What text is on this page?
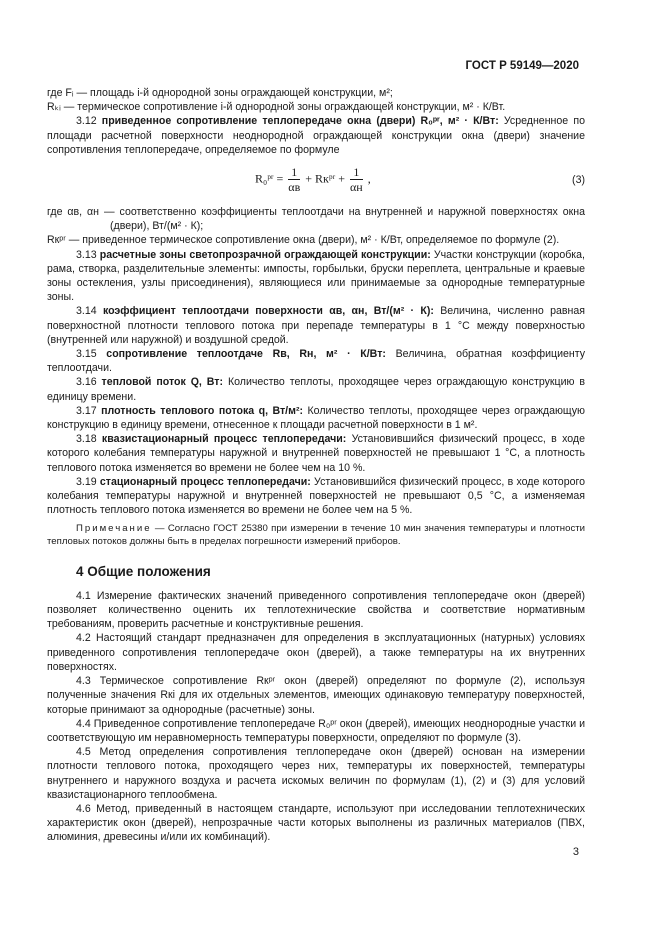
ГОСТ Р 59149—2020

где Fᵢ — площадь i-й однородной зоны ограждающей конструкции, м²;

Rₖᵢ — термическое сопротивление i-й однородной зоны ограждающей конструкции, м² · К/Вт.

3.12 приведенное сопротивление теплопередаче окна (двери) R₀ᵖʳ, м² · К/Вт: Усредненное по площади расчетной поверхности неоднородной ограждающей конструкции окна (двери) значение сопротивления теплопередаче, определяемое по формуле

R₀ᵖʳ = $\frac{1}{\alpha в}$ + Rкᵖʳ + $\frac{1}{\alpha н}$ ,	(3)

где αв, αн — соответственно коэффициенты теплоотдачи на внутренней и наружной поверхностях окна (двери), Вт/(м² · К);

Rкᵖʳ — приведенное термическое сопротивление окна (двери), м² · К/Вт, определяемое по формуле (2).

3.13 расчетные зоны светопрозрачной ограждающей конструкции: Участки конструкции (коробка, рама, створка, разделительные элементы: импосты, горбыльки, бруски переплета, центральные и краевые зоны остекления, узлы присоединения), являющиеся или принимаемые за однородные температурные зоны.

3.14 коэффициент теплоотдачи поверхности αв, αн, Вт/(м² · К): Величина, численно равная поверхностной плотности теплового потока при перепаде температуры в 1 °С между поверхностью (внутренней или наружной) и воздушной средой.

3.15 сопротивление теплоотдаче Rв, Rн, м² · К/Вт: Величина, обратная коэффициенту теплоотдачи.

3.16 тепловой поток Q, Вт: Количество теплоты, проходящее через ограждающую конструкцию в единицу времени.

3.17 плотность теплового потока q, Вт/м²: Количество теплоты, проходящее через ограждающую конструкцию в единицу времени, отнесенное к площади расчетной поверхности в 1 м².

3.18 квазистационарный процесс теплопередачи: Установившийся физический процесс, в ходе которого колебания температуры наружной и внутренней поверхностей не превышают 1 °С, а плотность теплового потока изменяется во времени не более чем на 10 %.

3.19 стационарный процесс теплопередачи: Установившийся физический процесс, в ходе которого колебания температуры наружной и внутренней поверхностей не превышают 0,5 °С, а изменяемая плотность теплового потока изменяется во времени не более чем на 5 %.

Примечание — Согласно ГОСТ 25380 при измерении в течение 10 мин значения температуры и плотности тепловых потоков должны быть в пределах погрешности измерений приборов.

4 Общие положения

4.1 Измерение фактических значений приведенного сопротивления теплопередаче окон (дверей) позволяет количественно оценить их теплотехнические свойства и соответствие нормативным требованиям, проверить расчетные и конструктивные решения.

4.2 Настоящий стандарт предназначен для определения в эксплуатационных (натурных) условиях приведенного сопротивления теплопередаче окон (дверей), а также температуры на их внутренних поверхностях.

4.3 Термическое сопротивление Rкᵖʳ окон (дверей) определяют по формуле (2), используя полученные значения Rкi для их отдельных элементов, имеющих одинаковую температуру поверхностей, которые принимают за однородные (расчетные) зоны.

4.4 Приведенное сопротивление теплопередаче R₀ᵖʳ окон (дверей), имеющих неоднородные участки и соответствующую им неравномерность температуры поверхности, определяют по формуле (3).

4.5 Метод определения сопротивления теплопередаче окон (дверей) основан на измерении плотности теплового потока, проходящего через них, температуры их поверхностей, температуры внутреннего и наружного воздуха и расчета искомых величин по формулам (1), (2) и (3) для условий квазистационарного теплообмена.

4.6 Метод, приведенный в настоящем стандарте, используют при исследовании теплотехнических характеристик окон (дверей), непрозрачные части которых выполнены из различных материалов (ПВХ, алюминия, древесины и/или их комбинаций).

3
